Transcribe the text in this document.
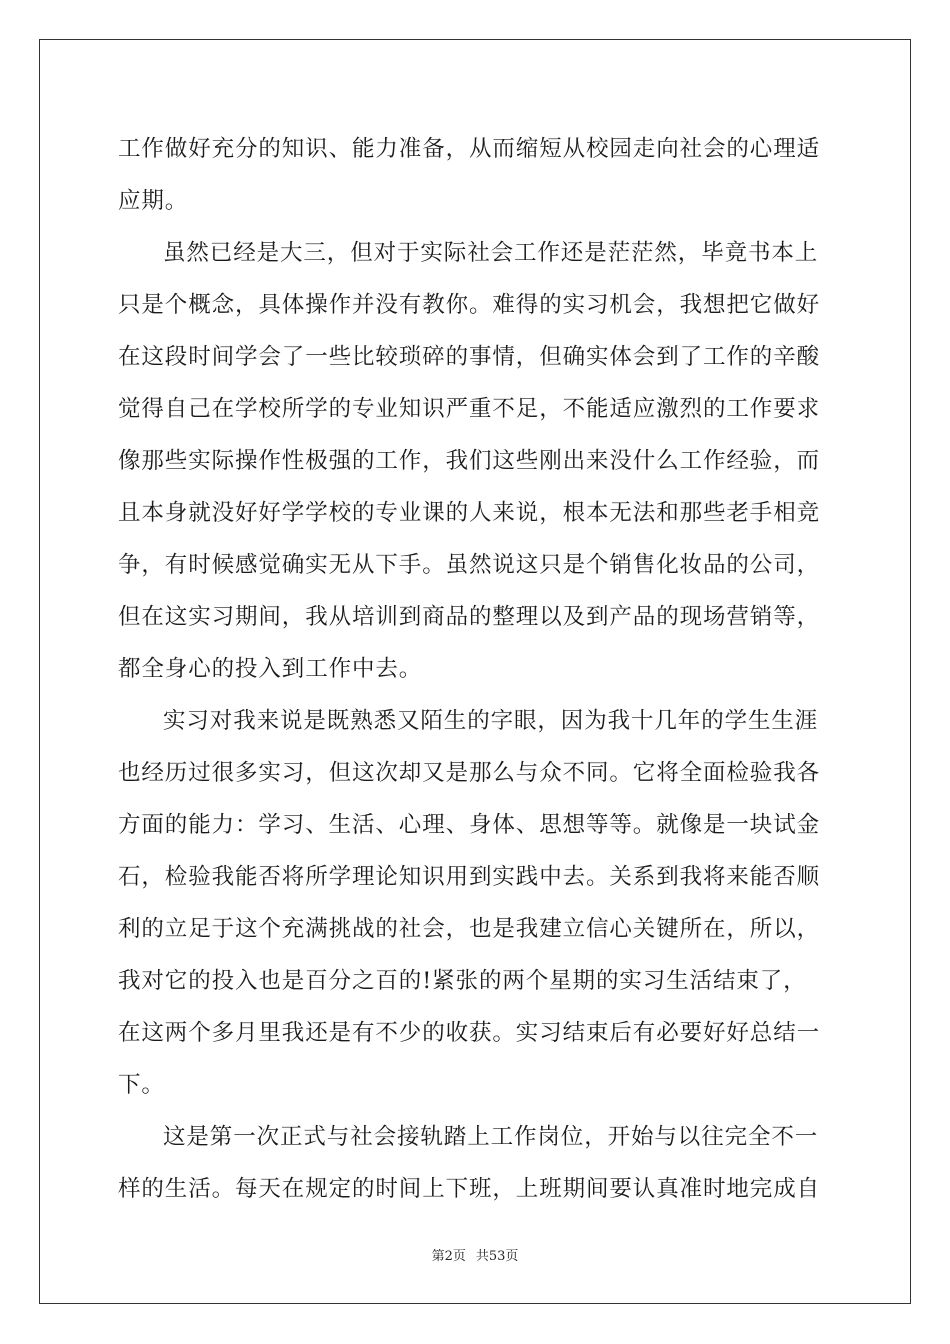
工作做好充分的知识、能力准备，从而缩短从校园走向社会的心理适
应期。
虽然已经是大三，但对于实际社会工作还是茫茫然，毕竟书本上
只是个概念，具体操作并没有教你。难得的实习机会，我想把它做好
在这段时间学会了一些比较琐碎的事情，但确实体会到了工作的辛酸
觉得自己在学校所学的专业知识严重不足，不能适应激烈的工作要求
像那些实际操作性极强的工作，我们这些刚出来没什么工作经验，而
且本身就没好好学学校的专业课的人来说，根本无法和那些老手相竞
争，有时候感觉确实无从下手。虽然说这只是个销售化妆品的公司，
但在这实习期间，我从培训到商品的整理以及到产品的现场营销等，
都全身心的投入到工作中去。
实习对我来说是既熟悉又陌生的字眼，因为我十几年的学生生涯
也经历过很多实习，但这次却又是那么与众不同。它将全面检验我各
方面的能力：学习、生活、心理、身体、思想等等。就像是一块试金
石，检验我能否将所学理论知识用到实践中去。关系到我将来能否顺
利的立足于这个充满挑战的社会，也是我建立信心关键所在，所以，
我对它的投入也是百分之百的!紧张的两个星期的实习生活结束了，
在这两个多月里我还是有不少的收获。实习结束后有必要好好总结一
下。
这是第一次正式与社会接轨踏上工作岗位，开始与以往完全不一
样的生活。每天在规定的时间上下班，上班期间要认真准时地完成自
第2页 共53页
